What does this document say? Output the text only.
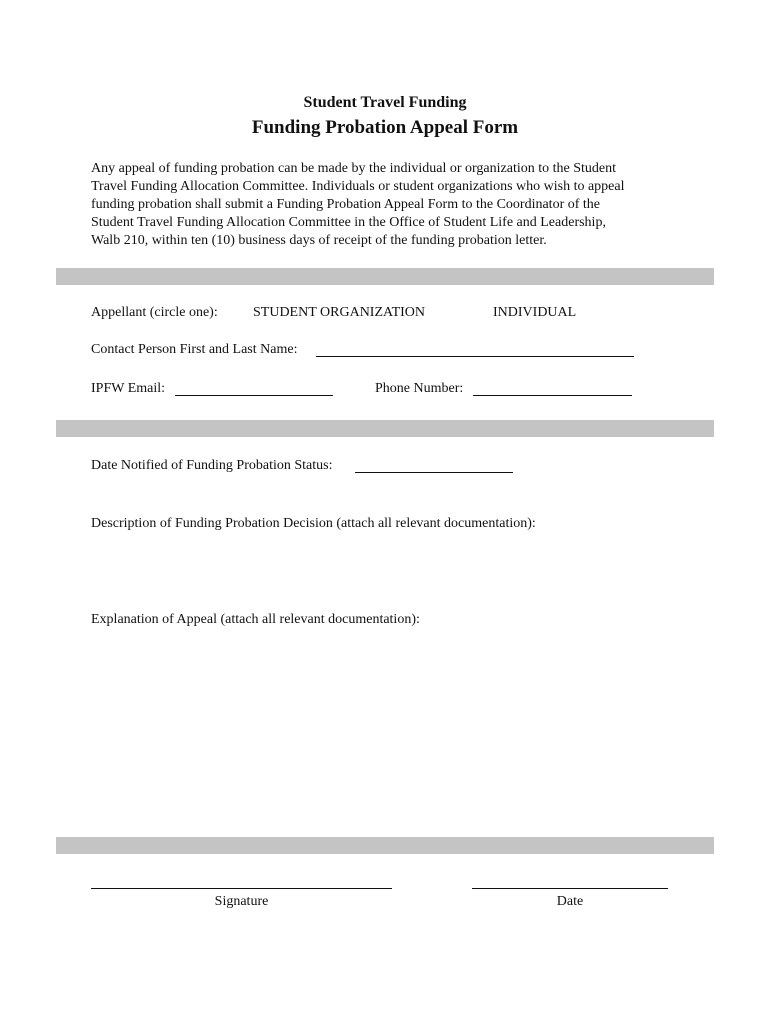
Student Travel Funding
Funding Probation Appeal Form
Any appeal of funding probation can be made by the individual or organization to the Student
Travel Funding Allocation Committee. Individuals or student organizations who wish to appeal
funding probation shall submit a Funding Probation Appeal Form to the Coordinator of the
Student Travel Funding Allocation Committee in the Office of Student Life and Leadership,
Walb 210, within ten (10) business days of receipt of the funding probation letter.
Appellant (circle one):	STUDENT ORGANIZATION	INDIVIDUAL
Contact Person First and Last Name:
IPFW Email:	Phone Number:
Date Notified of Funding Probation Status:
Description of Funding Probation Decision (attach all relevant documentation):
Explanation of Appeal (attach all relevant documentation):
Signature	Date
